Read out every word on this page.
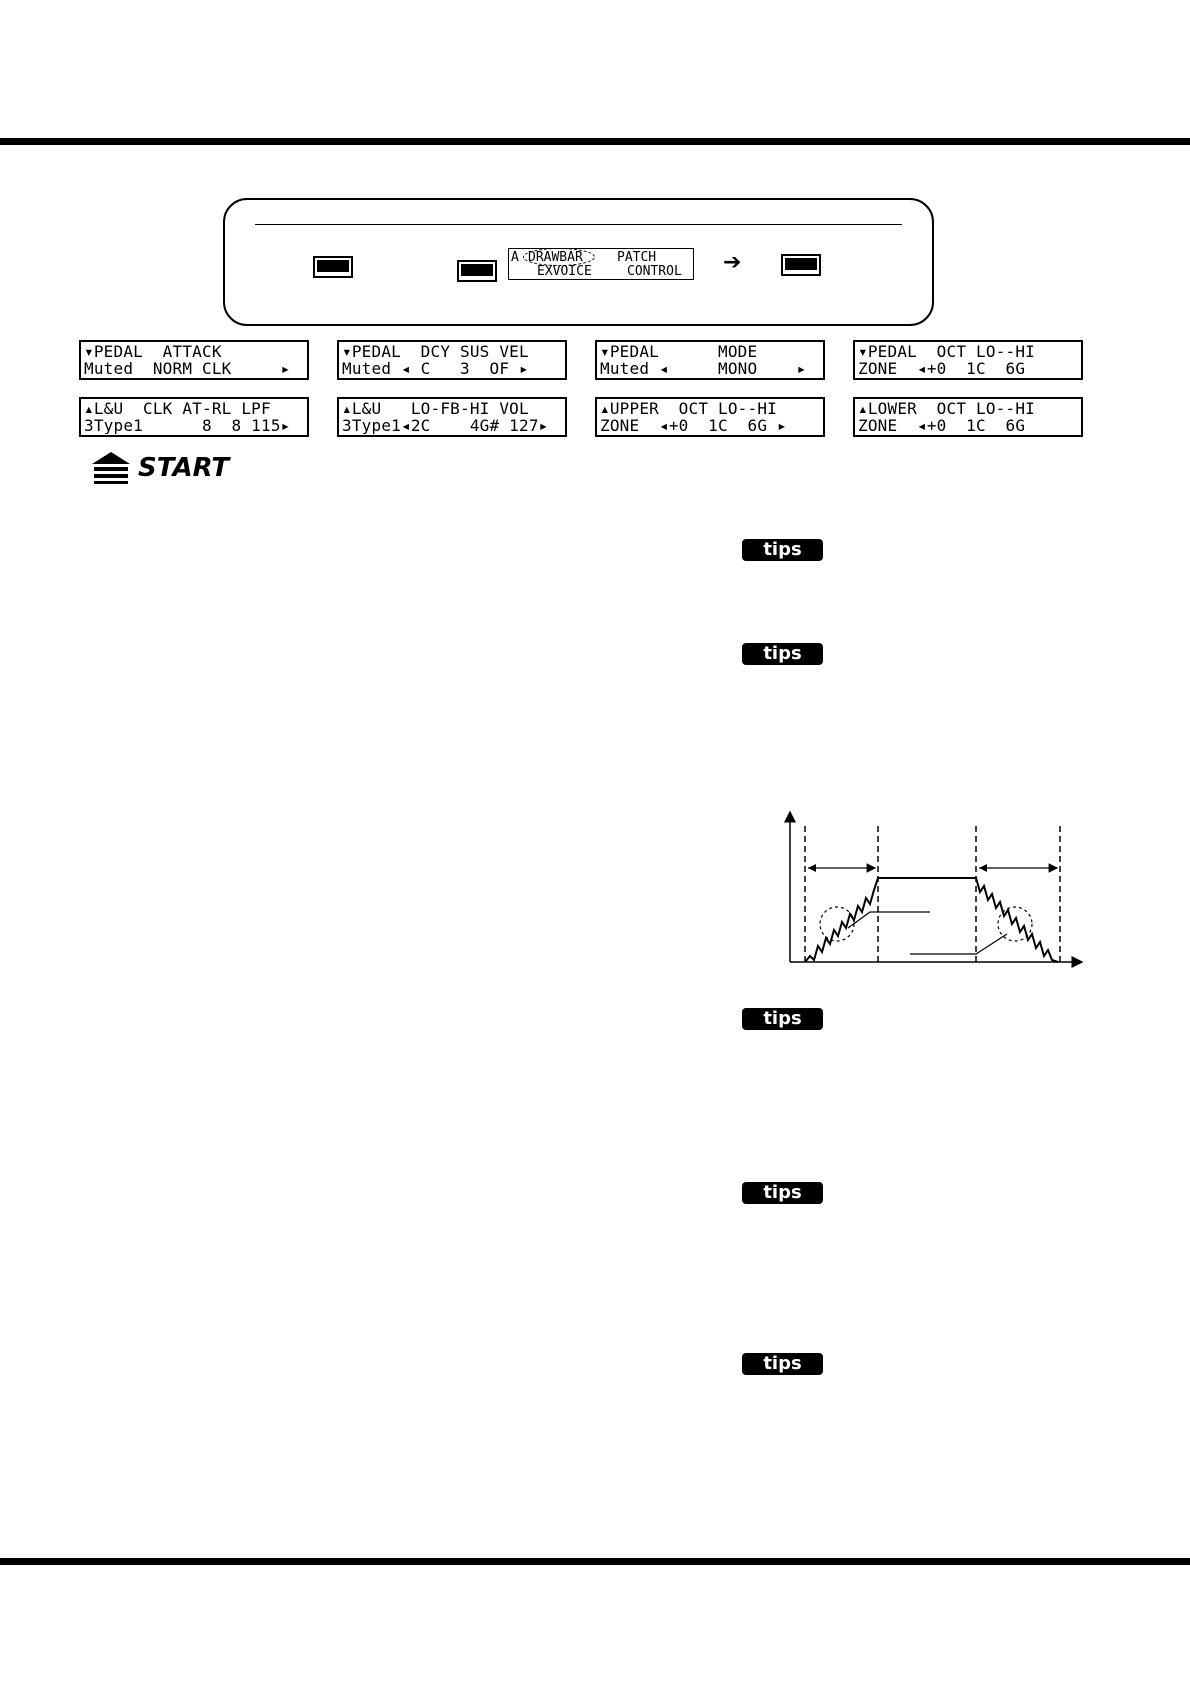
A DRAWBAR	PATCH
EXVOICE	CONTROL ➔
▾PEDAL  ATTACK
Muted  NORM CLK     ▸
▾PEDAL  DCY SUS VEL
Muted ◂ C   3  OF ▸
▾PEDAL      MODE
Muted ◂     MONO    ▸
▾PEDAL  OCT LO--HI
ZONE  ◂+0  1C  6G
▴L&U  CLK AT-RL LPF
3Type1      8  8 115▸
▴L&U   LO-FB-HI VOL
3Type1◂2C    4G# 127▸
▴UPPER  OCT LO--HI
ZONE  ◂+0  1C  6G ▸
▴LOWER  OCT LO--HI
ZONE  ◂+0  1C  6G
START
tips
tips
tips
tips
tips
